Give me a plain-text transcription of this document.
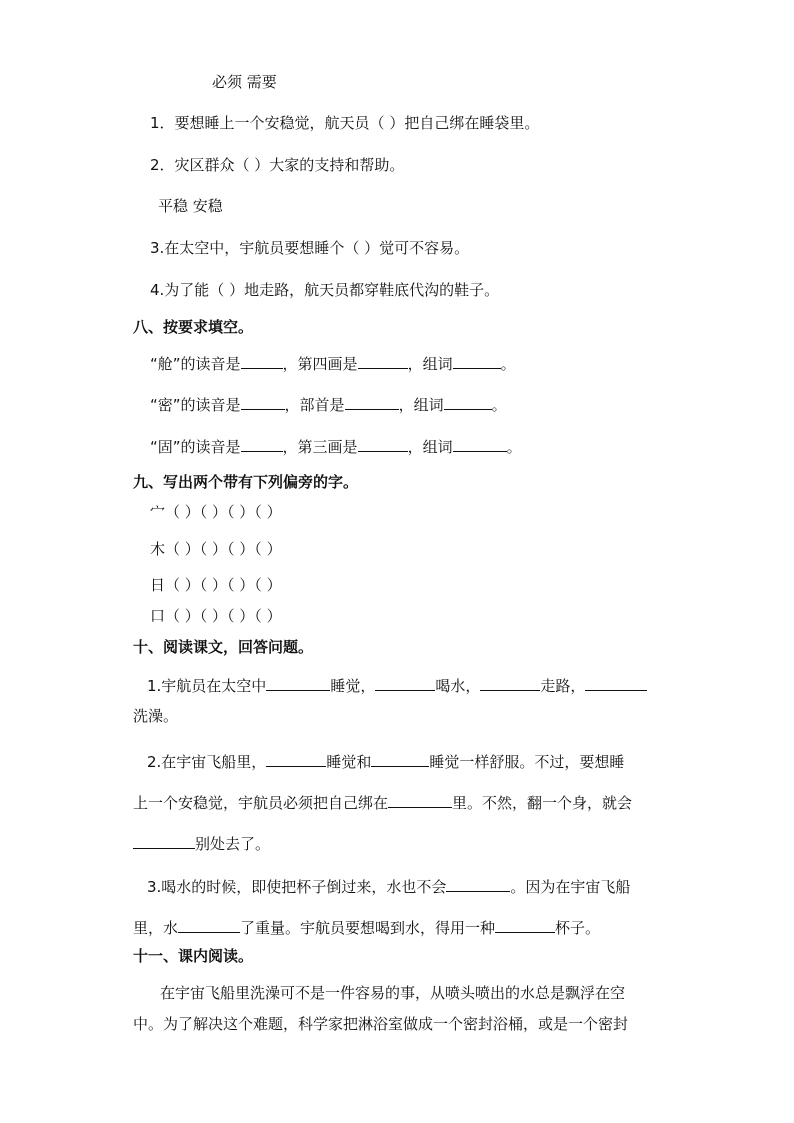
必须 需要
1．要想睡上一个安稳觉，航天员（ ）把自己绑在睡袋里。
2．灾区群众（ ）大家的支持和帮助。
平稳 安稳
3.在太空中，宇航员要想睡个（ ）觉可不容易。
4.为了能（ ）地走路，航天员都穿鞋底代沟的鞋子。
八、按要求填空。
“舱”的读音是	，第四画是	，组词	。
“密”的读音是	，部首是	，组词	。
“固”的读音是	，第三画是	，组词	。
九、写出两个带有下列偏旁的字。
宀（ ）（ ）（ ）（ ）
木（ ）（ ）（ ）（ ）
日（ ）（ ）（ ）（ ）
口（ ）（ ）（ ）（ ）
十、阅读课文，回答问题。
1.宇航员在太空中	睡觉，	喝水，	走路，
洗澡。
2.在宇宙飞船里，	睡觉和	睡觉一样舒服。不过，要想睡
上一个安稳觉，宇航员必须把自己绑在	里。不然，翻一个身，就会
别处去了。
3.喝水的时候，即使把杯子倒过来，水也不会	。因为在宇宙飞船
里，水	了重量。宇航员要想喝到水，得用一种	杯子。
十一、课内阅读。
在宇宙飞船里洗澡可不是一件容易的事，从喷头喷出的水总是飘浮在空
中。为了解决这个难题，科学家把淋浴室做成一个密封浴桶，或是一个密封
